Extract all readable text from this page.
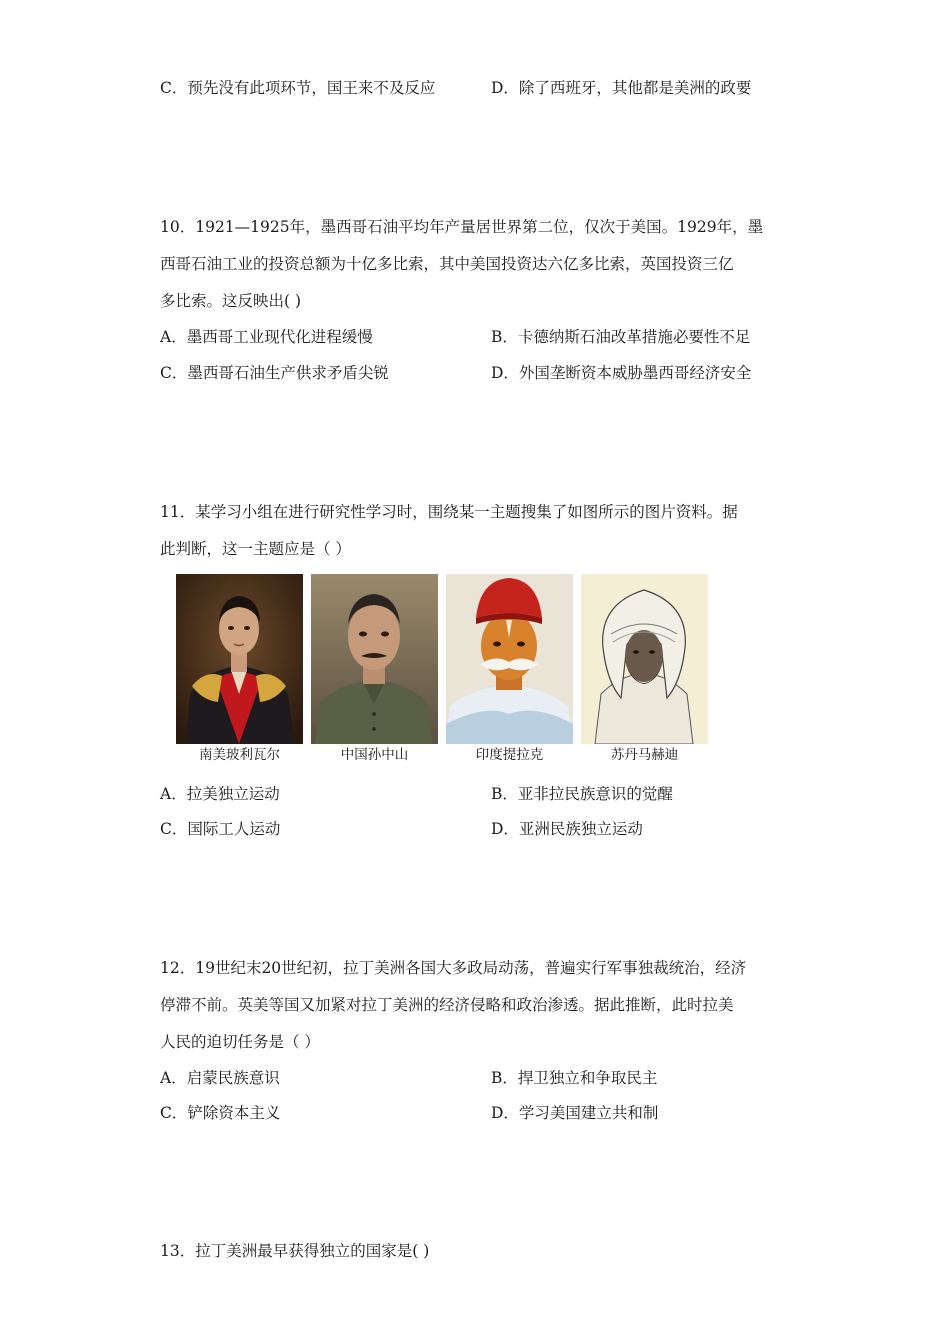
C．预先没有此项环节，国王来不及反应	D．除了西班牙，其他都是美洲的政要
10．1921—1925年，墨西哥石油平均年产量居世界第二位，仅次于美国。1929年，墨
西哥石油工业的投资总额为十亿多比索，其中美国投资达六亿多比索，英国投资三亿
多比索。这反映出( )
A．墨西哥工业现代化进程缓慢	B．卡德纳斯石油改革措施必要性不足
C．墨西哥石油生产供求矛盾尖锐	D．外国垄断资本威胁墨西哥经济安全
11．某学习小组在进行研究性学习时，围绕某一主题搜集了如图所示的图片资料。据
此判断，这一主题应是（ ）
南美玻利瓦尔	中国孙中山	印度提拉克	苏丹马赫迪
A．拉美独立运动	B．亚非拉民族意识的觉醒
C．国际工人运动	D．亚洲民族独立运动
12．19世纪末20世纪初，拉丁美洲各国大多政局动荡，普遍实行军事独裁统治，经济
停滞不前。英美等国又加紧对拉丁美洲的经济侵略和政治渗透。据此推断，此时拉美
人民的迫切任务是（ ）
A．启蒙民族意识	B．捍卫独立和争取民主
C．铲除资本主义	D．学习美国建立共和制
13．拉丁美洲最早获得独立的国家是( )
